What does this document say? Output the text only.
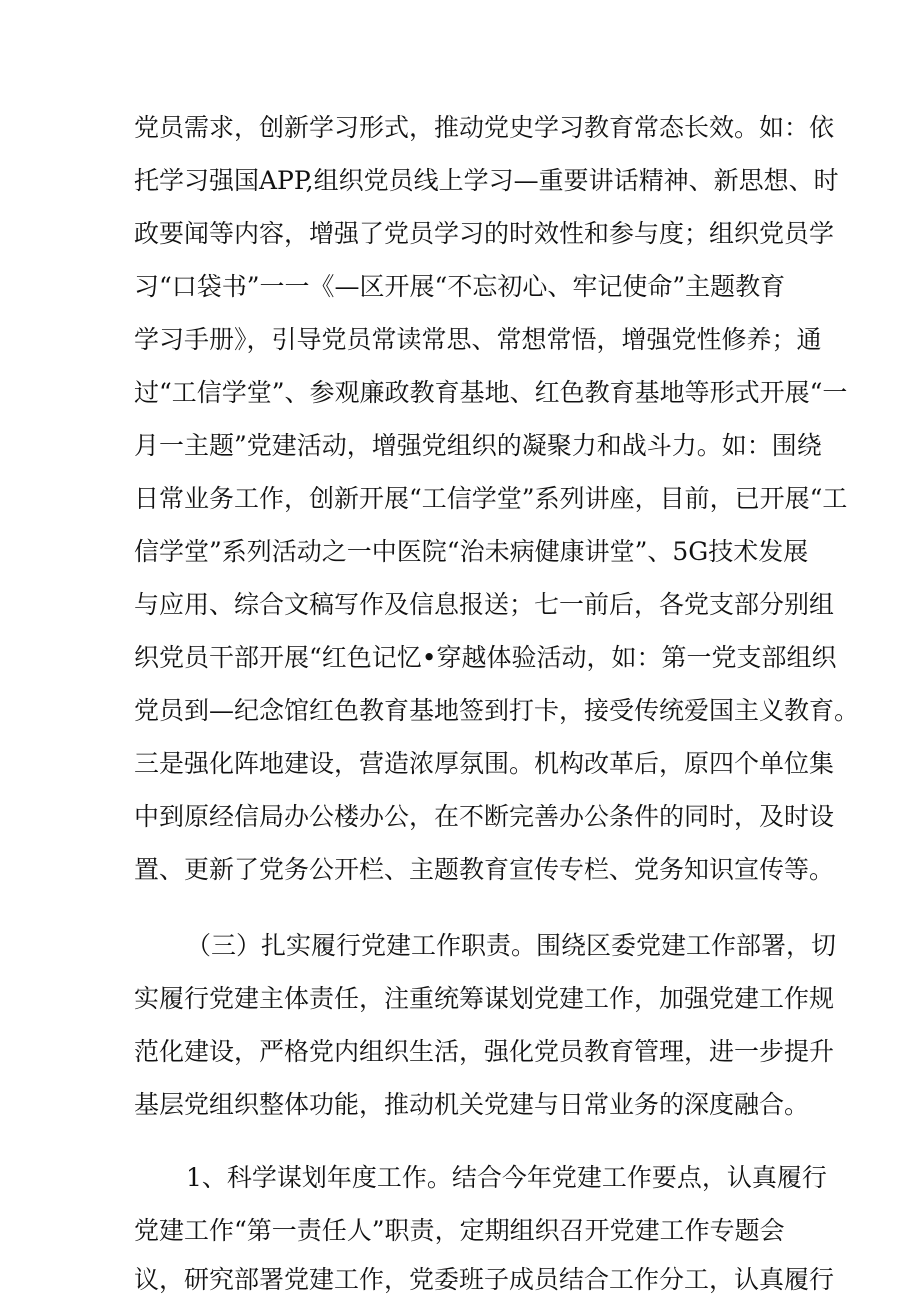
党员需求，创新学习形式，推动党史学习教育常态长效。如：依
托学习强国APP,组织党员线上学习—重要讲话精神、新思想、时
政要闻等内容，增强了党员学习的时效性和参与度；组织党员学
习“口袋书”一一《—区开展“不忘初心、牢记使命”主题教育
学习手册》，引导党员常读常思、常想常悟，增强党性修养；通
过“工信学堂”、参观廉政教育基地、红色教育基地等形式开展“一
月一主题”党建活动，增强党组织的凝聚力和战斗力。如：围绕
日常业务工作，创新开展“工信学堂”系列讲座，目前，已开展“工
信学堂”系列活动之一中医院“治未病健康讲堂”、5G技术发展
与应用、综合文稿写作及信息报送；七一前后，各党支部分别组
织党员干部开展“红色记忆•穿越体验活动，如：第一党支部组织
党员到—纪念馆红色教育基地签到打卡，接受传统爱国主义教育。
三是强化阵地建设，营造浓厚氛围。机构改革后，原四个单位集
中到原经信局办公楼办公，在不断完善办公条件的同时，及时设
置、更新了党务公开栏、主题教育宣传专栏、党务知识宣传等。
（三）扎实履行党建工作职责。围绕区委党建工作部署，切
实履行党建主体责任，注重统筹谋划党建工作，加强党建工作规
范化建设，严格党内组织生活，强化党员教育管理，进一步提升
基层党组织整体功能，推动机关党建与日常业务的深度融合。
1、科学谋划年度工作。结合今年党建工作要点，认真履行
党建工作“第一责任人”职责，定期组织召开党建工作专题会
议，研究部署党建工作，党委班子成员结合工作分工，认真履行
